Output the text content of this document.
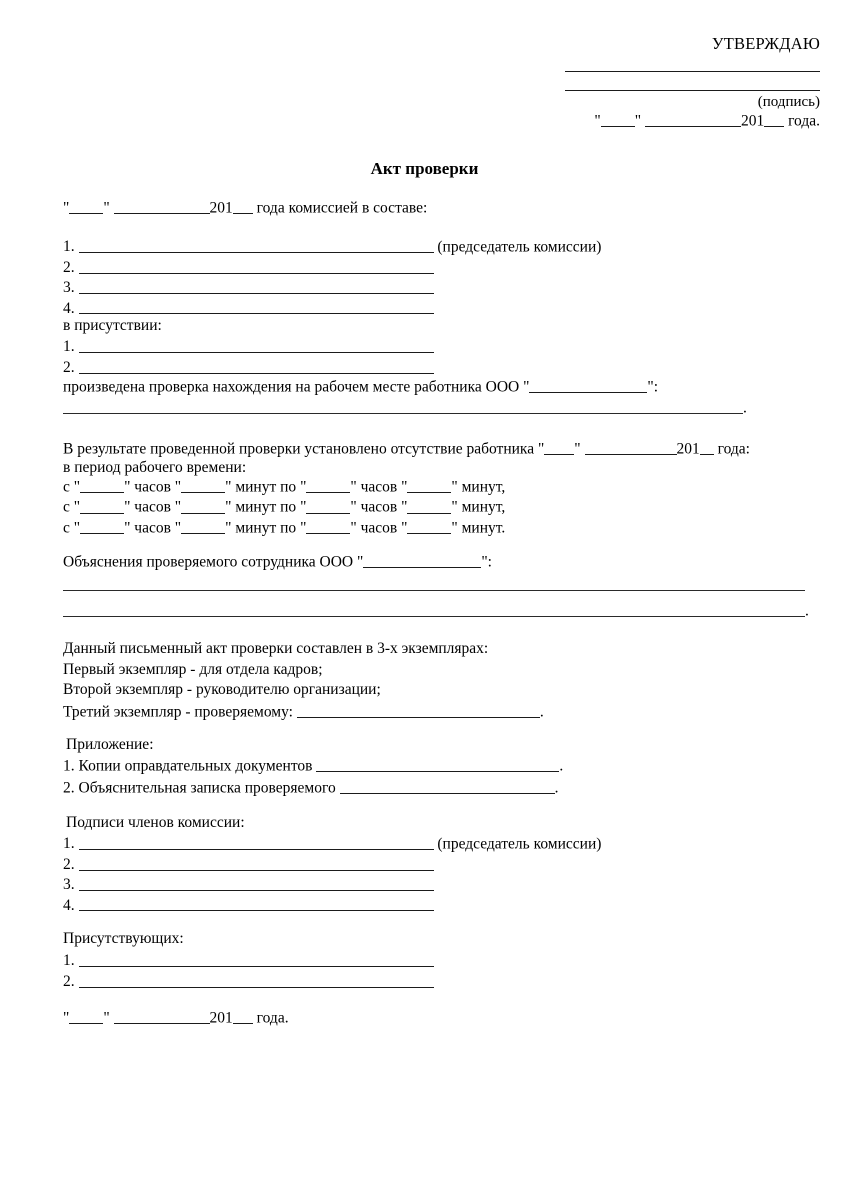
УТВЕРЖДАЮ
(подпись)
" "	201 года.
Акт проверки
" "	201 года комиссией в составе:
1.	(председатель комиссии)
2.
3.
4.
в присутствии:
1.
2.
произведена проверка нахождения на рабочем месте работника ООО "	":
.
В результате проведенной проверки установлено отсутствие работника " "	201 года:
в период рабочего времени:
с "	" часов "	" минут по "	" часов "	" минут,
с "	" часов "	" минут по "	" часов "	" минут,
с "	" часов "	" минут по "	" часов "	" минут.
Объяснения проверяемого сотрудника ООО "	":
.
Данный письменный акт проверки составлен в 3-х экземплярах:
Первый экземпляр - для отдела кадров;
Второй экземпляр - руководителю организации;
Третий экземпляр - проверяемому:	.
Приложение:
1. Копии оправдательных документов	.
2. Объяснительная записка проверяемого	.
Подписи членов комиссии:
1.	(председатель комиссии)
2.
3.
4.
Присутствующих:
1.
2.
" "	201 года.
